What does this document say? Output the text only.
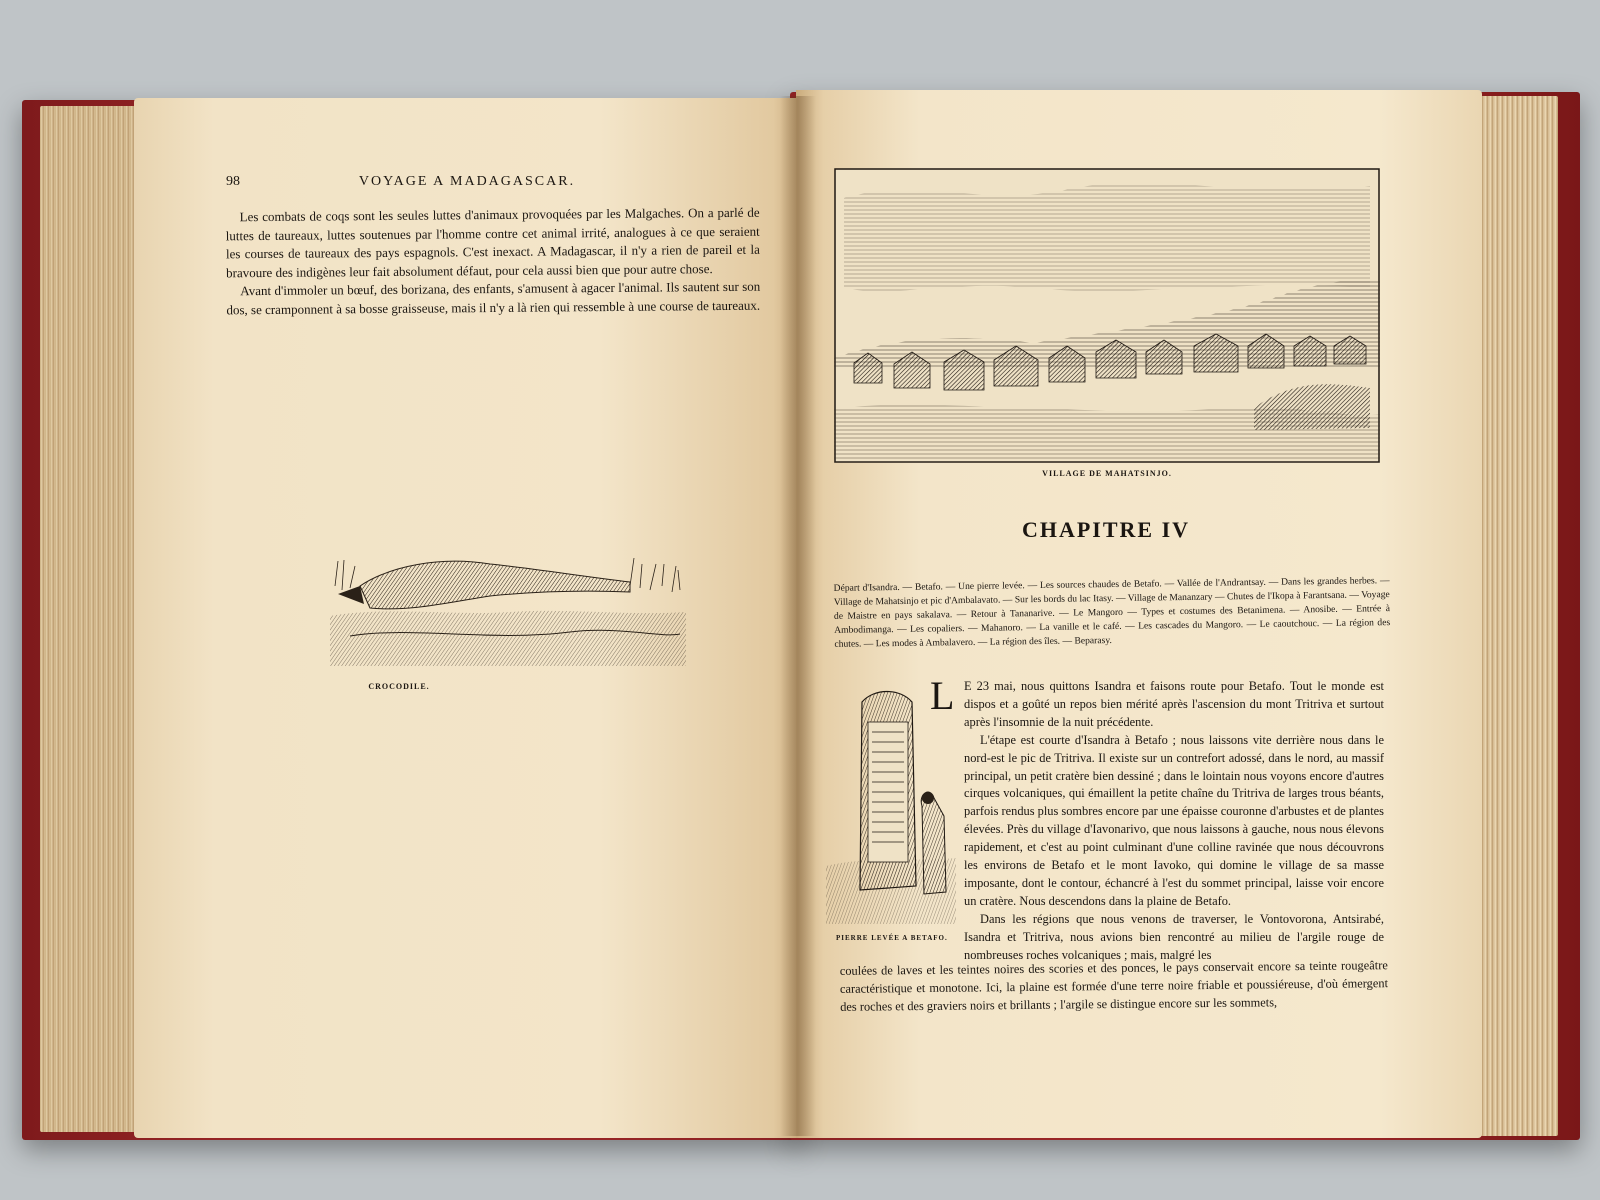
98	VOYAGE A MADAGASCAR.

Les combats de coqs sont les seules luttes d'animaux provoquées par les Malgaches. On a parlé de luttes de taureaux, luttes soutenues par l'homme contre cet animal irrité, analogues à ce que seraient les courses de taureaux des pays espagnols. C'est inexact. A Madagascar, il n'y a rien de pareil et la bravoure des indigènes leur fait absolument défaut, pour cela aussi bien que pour autre chose.

Avant d'immoler un bœuf, des borizana, des enfants, s'amusent à agacer l'animal. Ils sautent sur son dos, se cramponnent à sa bosse graisseuse, mais il n'y a là rien qui ressemble à une course de taureaux.

CROCODILE.
VILLAGE DE MAHATSINJO.
CHAPITRE IV
Départ d'Isandra. — Betafo. — Une pierre levée. — Les sources chaudes de Betafo. — Vallée de l'Andrantsay. — Dans les grandes herbes. — Village de Mahatsinjo et pic d'Ambalavato. — Sur les bords du lac Itasy. — Village de Mananzary — Chutes de l'Ikopa à Farantsana. — Voyage de Maistre en pays sakalava. — Retour à Tananarive. — Le Mangoro — Types et costumes des Betanimena. — Anosibe. — Entrée à Ambodimanga. — Les copaliers. — Mahanoro. — La vanille et le café. — Les cascades du Mangoro. — Le caoutchouc. — La région des chutes. — Les modes à Ambalavero. — La région des îles. — Beparasy.
PIERRE LEVÉE A BETAFO.
L E 23 mai, nous quittons Isandra et faisons route pour Betafo. Tout le monde est dispos et a goûté un repos bien mérité après l'ascension du mont Tritriva et surtout après l'insomnie de la nuit précédente.

L'étape est courte d'Isandra à Betafo ; nous laissons vite derrière nous dans le nord-est le pic de Tritriva. Il existe sur un contrefort adossé, dans le nord, au massif principal, un petit cratère bien dessiné ; dans le lointain nous voyons encore d'autres cirques volcaniques, qui émaillent la petite chaîne du Tritriva de larges trous béants, parfois rendus plus sombres encore par une épaisse couronne d'arbustes et de plantes élevées. Près du village d'Iavonarivo, que nous laissons à gauche, nous nous élevons rapidement, et c'est au point culminant d'une colline ravinée que nous découvrons les environs de Betafo et le mont Iavoko, qui domine le village de sa masse imposante, dont le contour, échancré à l'est du sommet principal, laisse voir encore un cratère. Nous descendons dans la plaine de Betafo.

Dans les régions que nous venons de traverser, le Vontovorona, Antsirabé, Isandra et Tritriva, nous avions bien rencontré au milieu de l'argile rouge de nombreuses roches volcaniques ; mais, malgré les

coulées de laves et les teintes noires des scories et des ponces, le pays conservait encore sa teinte rougeâtre caractéristique et monotone. Ici, la plaine est formée d'une terre noire friable et poussiéreuse, d'où émergent des roches et des graviers noirs et brillants ; l'argile se distingue encore sur les sommets,
